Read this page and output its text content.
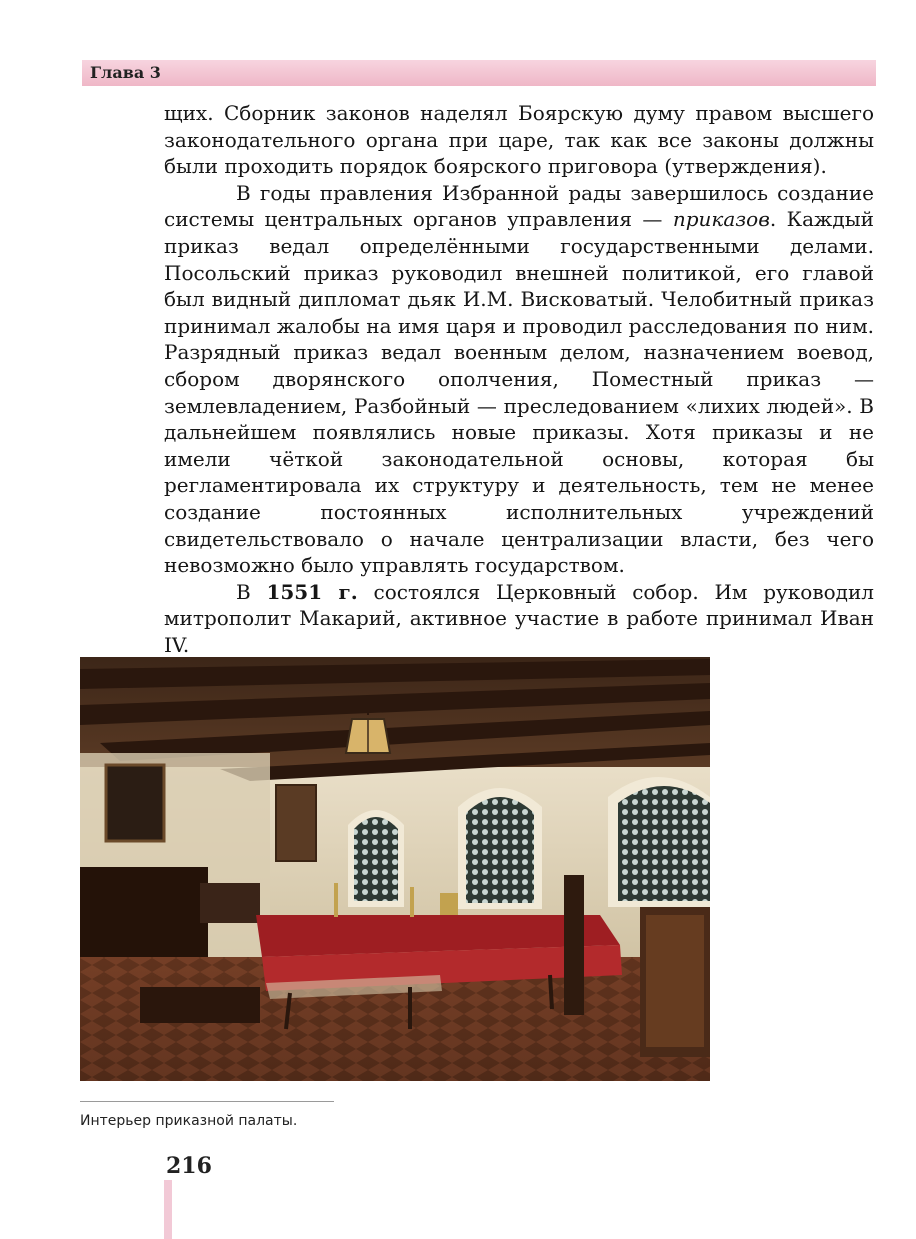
Глава 3

щих. Сборник законов наделял Боярскую думу правом высшего законодательного органа при царе, так как все законы должны были проходить порядок боярского приговора (утверждения).

В годы правления Избранной рады завершилось создание системы центральных органов управления — приказов. Каждый приказ ведал определёнными государственными делами. Посольский приказ руководил внешней политикой, его главой был видный дипломат дьяк И.М. Висковатый. Челобитный приказ принимал жалобы на имя царя и проводил расследования по ним. Разрядный приказ ведал военным делом, назначением воевод, сбором дворянского ополчения, Поместный приказ — землевладением, Разбойный — преследованием «лихих людей». В дальнейшем появлялись новые приказы. Хотя приказы и не имели чёткой законодательной основы, которая бы регламентировала их структуру и деятельность, тем не менее создание постоянных исполнительных учреждений свидетельствовало о начале централизации власти, без чего невозможно было управлять государством.

В 1551 г. состоялся Церковный собор. Им руководил митрополит Макарий, активное участие в работе принимал Иван IV.

Интерьер приказной палаты.
216
